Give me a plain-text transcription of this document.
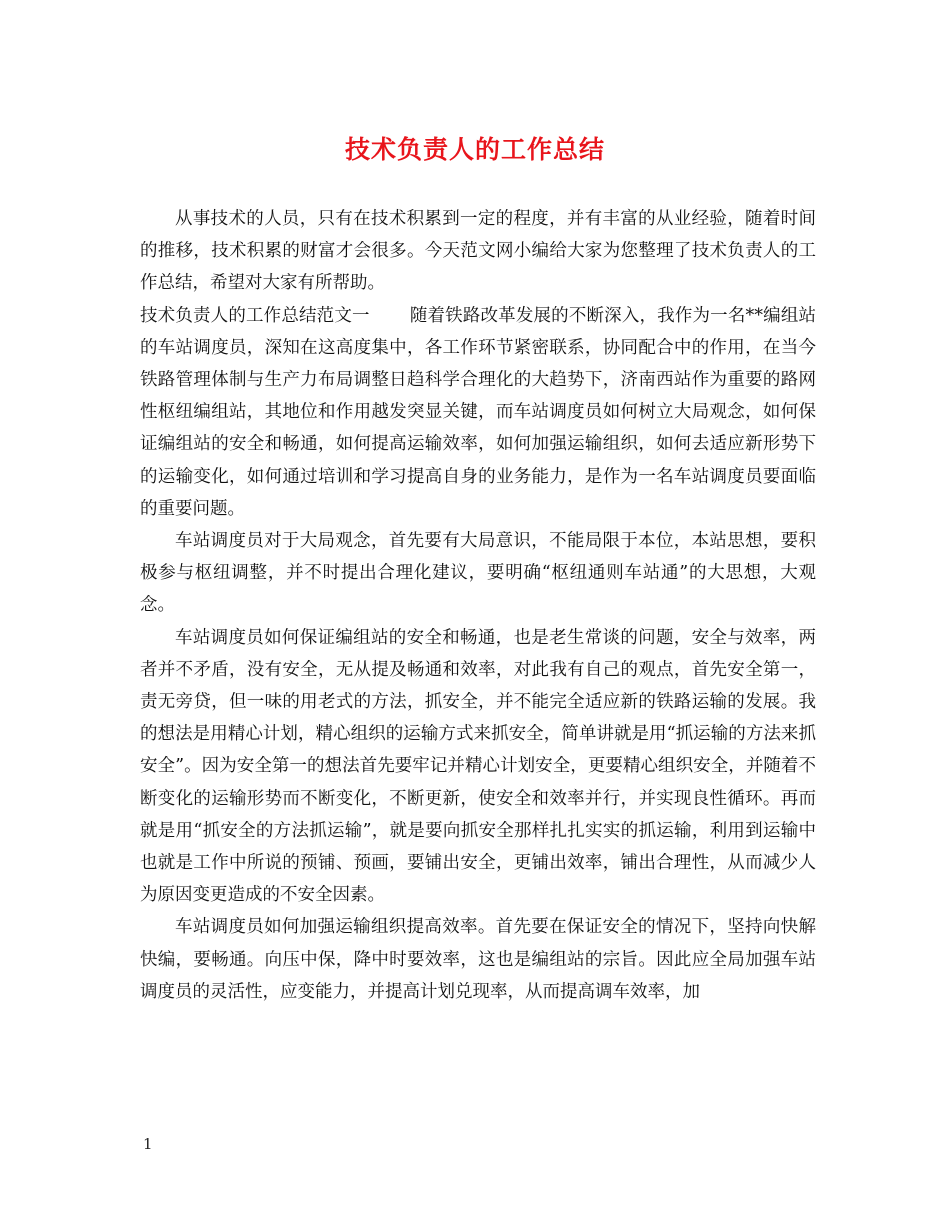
技术负责人的工作总结

从事技术的人员，只有在技术积累到一定的程度，并有丰富的从业经验，随着时间的推移，技术积累的财富才会很多。今天范文网小编给大家为您整理了技术负责人的工作总结，希望对大家有所帮助。

技术负责人的工作总结范文一 随着铁路改革发展的不断深入，我作为一名**编组站的车站调度员，深知在这高度集中，各工作环节紧密联系，协同配合中的作用，在当今铁路管理体制与生产力布局调整日趋科学合理化的大趋势下，济南西站作为重要的路网性枢纽编组站，其地位和作用越发突显关键，而车站调度员如何树立大局观念，如何保证编组站的安全和畅通，如何提高运输效率，如何加强运输组织，如何去适应新形势下的运输变化，如何通过培训和学习提高自身的业务能力，是作为一名车站调度员要面临的重要问题。

车站调度员对于大局观念，首先要有大局意识，不能局限于本位，本站思想，要积极参与枢纽调整，并不时提出合理化建议，要明确“枢纽通则车站通”的大思想，大观念。

车站调度员如何保证编组站的安全和畅通，也是老生常谈的问题，安全与效率，两者并不矛盾，没有安全，无从提及畅通和效率，对此我有自己的观点，首先安全第一，责无旁贷，但一味的用老式的方法，抓安全，并不能完全适应新的铁路运输的发展。我的想法是用精心计划，精心组织的运输方式来抓安全，简单讲就是用“抓运输的方法来抓安全”。因为安全第一的想法首先要牢记并精心计划安全，更要精心组织安全，并随着不断变化的运输形势而不断变化，不断更新，使安全和效率并行，并实现良性循环。再而就是用“抓安全的方法抓运输”，就是要向抓安全那样扎扎实实的抓运输，利用到运输中也就是工作中所说的预铺、预画，要铺出安全，更铺出效率，铺出合理性，从而减少人为原因变更造成的不安全因素。

车站调度员如何加强运输组织提高效率。首先要在保证安全的情况下，坚持向快解快编，要畅通。向压中保，降中时要效率，这也是编组站的宗旨。因此应全局加强车站调度员的灵活性，应变能力，并提高计划兑现率，从而提高调车效率，加

1
